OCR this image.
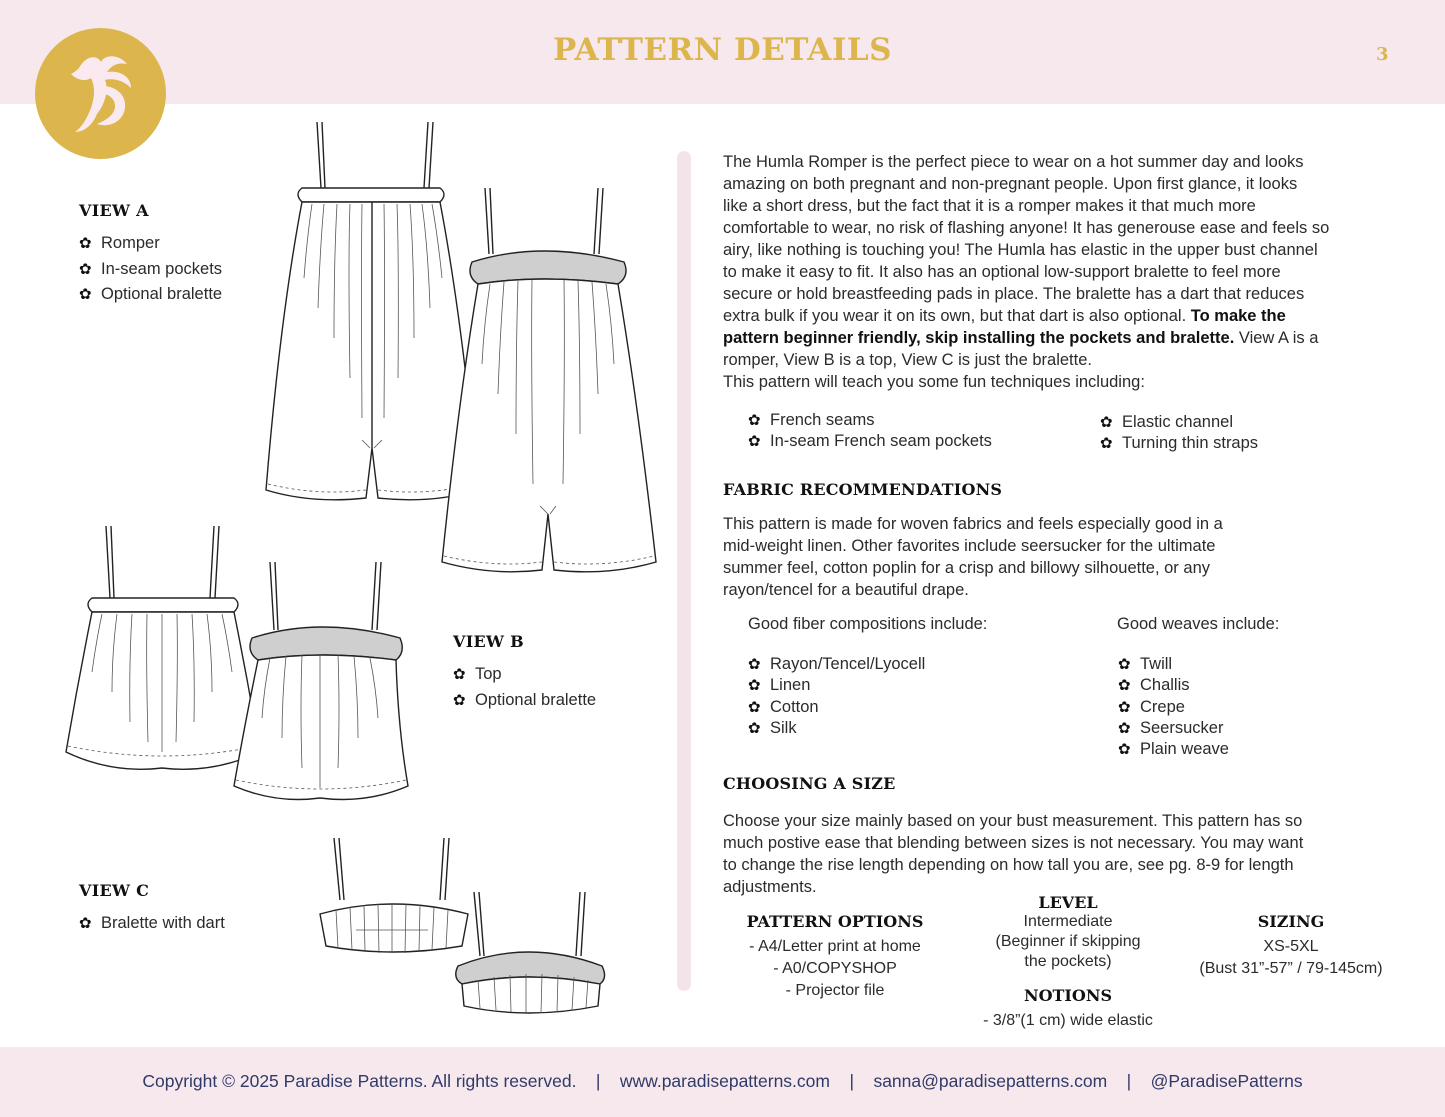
PATTERN DETAILS	3
VIEW A
✿ Romper
✿ In-seam pockets
✿ Optional bralette
VIEW B
✿ Top
✿ Optional bralette
VIEW C
✿ Bralette with dart
The Humla Romper is the perfect piece to wear on a hot summer day and looks
amazing on both pregnant and non-pregnant people. Upon first glance, it looks
like a short dress, but the fact that it is a romper makes it that much more
comfortable to wear, no risk of flashing anyone! It has generouse ease and feels so
airy, like nothing is touching you! The Humla has elastic in the upper bust channel
to make it easy to fit. It also has an optional low-support bralette to feel more
secure or hold breastfeeding pads in place. The bralette has a dart that reduces
extra bulk if you wear it on its own, but that dart is also optional. To make the
pattern beginner friendly, skip installing the pockets and bralette. View A is a
romper, View B is a top, View C is just the bralette.
This pattern will teach you some fun techniques including:
✿ French seams
✿ In-seam French seam pockets
✿ Elastic channel
✿ Turning thin straps
FABRIC RECOMMENDATIONS
This pattern is made for woven fabrics and feels especially good in a
mid-weight linen. Other favorites include seersucker for the ultimate
summer feel, cotton poplin for a crisp and billowy silhouette, or any
rayon/tencel for a beautiful drape.
Good fiber compositions include:	Good weaves include:
✿ Rayon/Tencel/Lyocell
✿ Linen
✿ Cotton
✿ Silk
✿ Twill
✿ Challis
✿ Crepe
✿ Seersucker
✿ Plain weave
CHOOSING A SIZE
Choose your size mainly based on your bust measurement. This pattern has so
much postive ease that blending between sizes is not necessary. You may want
to change the rise length depending on how tall you are, see pg. 8-9 for length
adjustments.
PATTERN OPTIONS
- A4/Letter print at home
- A0/COPYSHOP
- Projector file
LEVEL
Intermediate
(Beginner if skipping
the pockets)
NOTIONS
- 3/8”(1 cm) wide elastic
SIZING
XS-5XL
(Bust 31”-57” / 79-145cm)
Copyright © 2025 Paradise Patterns. All rights reserved. | www.paradisepatterns.com | sanna@paradisepatterns.com | @ParadisePatterns
